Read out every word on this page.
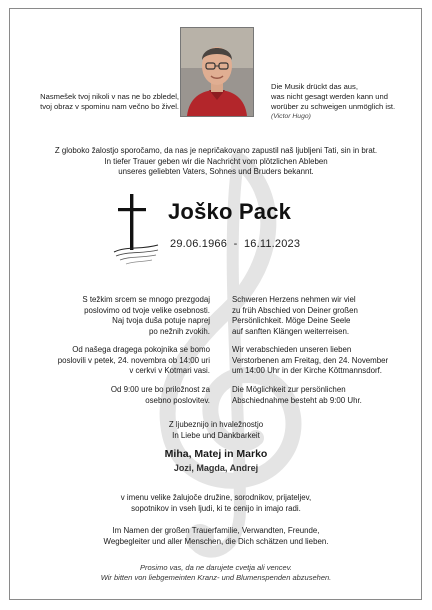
Nasmešek tvoj nikoli v nas ne bo zbledel,
tvoj obraz v spominu nam večno bo živel.
Die Musik drückt das aus,
was nicht gesagt werden kann und
worüber zu schweigen unmöglich ist.
(Victor Hugo)
Z globoko žalostjo sporočamo, da nas je nepričakovano zapustil naš ljubljeni Tati, sin in brat.
In tiefer Trauer geben wir die Nachricht vom plötzlichen Ableben
unseres geliebten Vaters, Sohnes und Bruders bekannt.
Joško Pack
29.06.1966  -  16.11.2023
S težkim srcem se mnogo prezgodaj
poslovimo od tvoje velike osebnosti.
Naj tvoja duša potuje naprej
po nežnih zvokih.
Schweren Herzens nehmen wir viel
zu früh Abschied von Deiner großen
Persönlichkeit. Möge Deine Seele
auf sanften Klängen weiterreisen.
Od našega dragega pokojnika se bomo
poslovili v petek, 24. novembra ob 14:00 uri
v cerkvi v Kotmari vasi.
Wir verabschieden unseren lieben
Verstorbenen am Freitag, den 24. November
um 14:00 Uhr in der Kirche Köttmannsdorf.
Od 9:00 ure bo priložnost za
osebno poslovitev.
Die Möglichkeit zur persönlichen
Abschiednahme besteht ab 9:00 Uhr.
Z ljubeznijo in hvaležnostjo
In Liebe und Dankbarkeit
Miha, Matej in Marko
Jozi, Magda, Andrej
v imenu velike žalujoče družine, sorodnikov, prijateljev,
sopotnikov in vseh ljudi, ki te cenijo in imajo radi.
Im Namen der großen Trauerfamilie, Verwandten, Freunde,
Wegbegleiter und aller Menschen, die Dich schätzen und lieben.
Prosimo vas, da ne darujete cvetja ali vencev.
Wir bitten von liebgemeinten Kranz- und Blumenspenden abzusehen.
